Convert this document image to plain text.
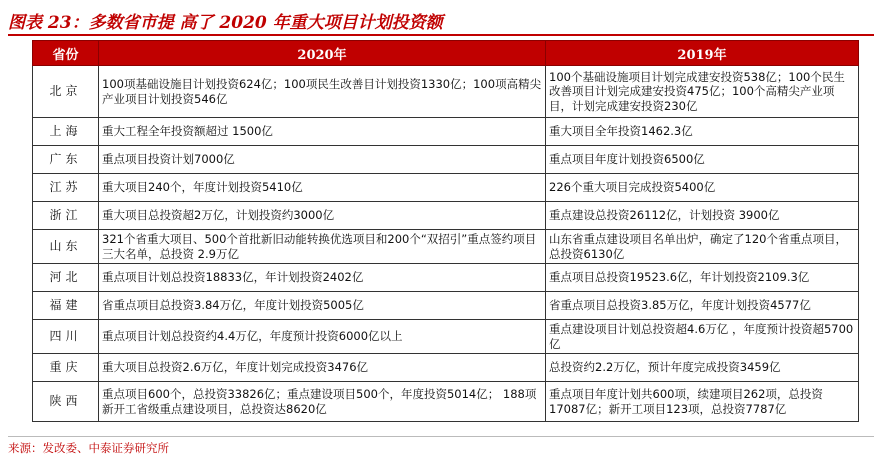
图表 23：多数省市提 高了 2020 年重大项目计划投资额
省份	2020年	2019年
北京	100项基础设施目计划投资624亿；100项民生改善目计划投资1330亿；100项高精尖产业项目计划投资546亿	100个基础设施项目计划完成建安投资538亿；100个民生改善项目计划完成建安投资475亿；100个高精尖产业项目，计划完成建安投资230亿
上海	重大工程全年投资额超过 1500亿	重大项目全年投资1462.3亿
广东	重点项目投资计划7000亿	重点项目年度计划投资6500亿
江苏	重大项目240个，年度计划投资5410亿	226个重大项目完成投资5400亿
浙江	重大项目总投资超2万亿，计划投资约3000亿	重点建设总投资26112亿，计划投资 3900亿
山东	321个省重大项目、500个首批新旧动能转换优选项目和200个“双招引”重点签约项目三大名单，总投资 2.9万亿	山东省重点建设项目名单出炉，确定了120个省重点项目，总投资6130亿
河北	重点项目计划总投资18833亿，年计划投资2402亿	重点项目总投资19523.6亿，年计划投资2109.3亿
福建	省重点项目总投资3.84万亿，年度计划投资5005亿	省重点项目总投资3.85万亿，年度计划投资4577亿
四川	重点项目计划总投资约4.4万亿，年度预计投资6000亿以上	重点建设项目计划总投资超4.6万亿 ，年度预计投资超5700亿
重庆	重大项目总投资2.6万亿，年度计划完成投资3476亿	总投资约2.2万亿，预计年度完成投资3459亿
陕西	重点项目600个，总投资33826亿；重点建设项目500个，年度投资5014亿； 188项新开工省级重点建设项目，总投资达8620亿	重点项目年度计划共600项，续建项目262项，总投资17087亿；新开工项目123项，总投资7787亿
来源：发改委、中泰证券研究所
